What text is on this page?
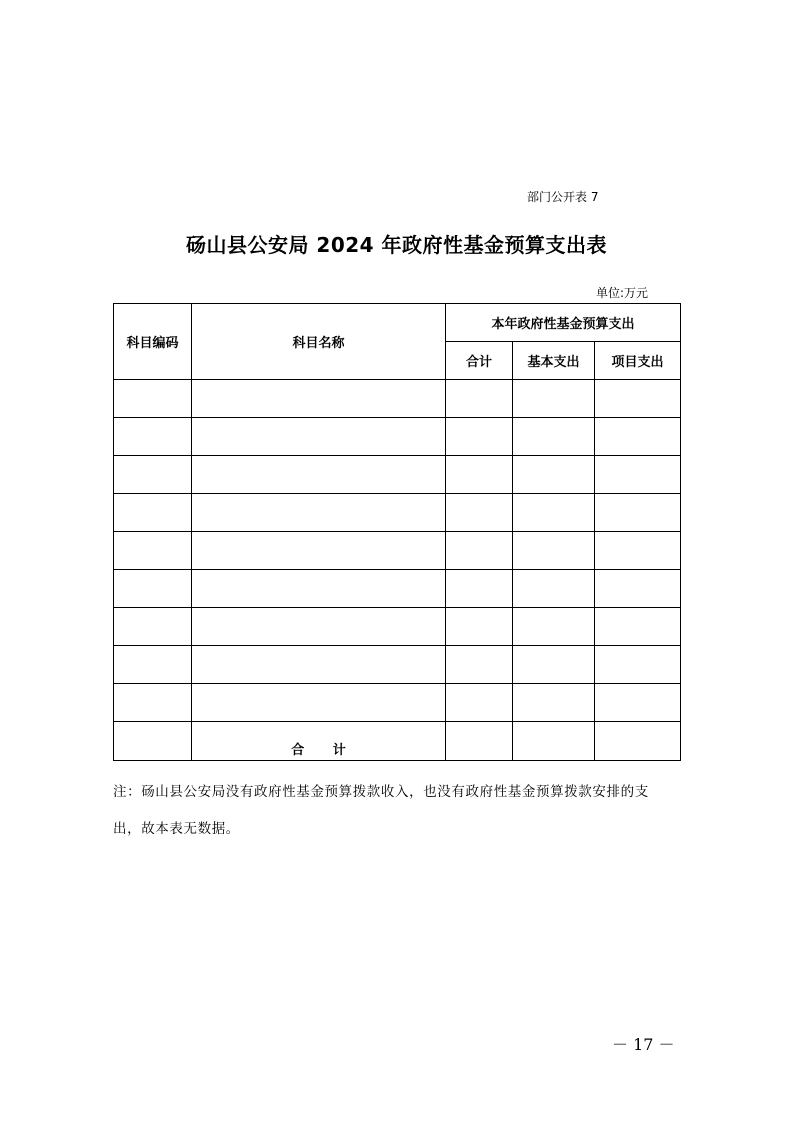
部门公开表 7
砀山县公安局 2024 年政府性基金预算支出表
单位:万元
科目编码	科目名称	本年政府性基金预算支出		
		合计	基本支出	项目支出

	合 计			
注：砀山县公安局没有政府性基金预算拨款收入，也没有政府性基金预算拨款安排的支出，故本表无数据。
－ 17 －
